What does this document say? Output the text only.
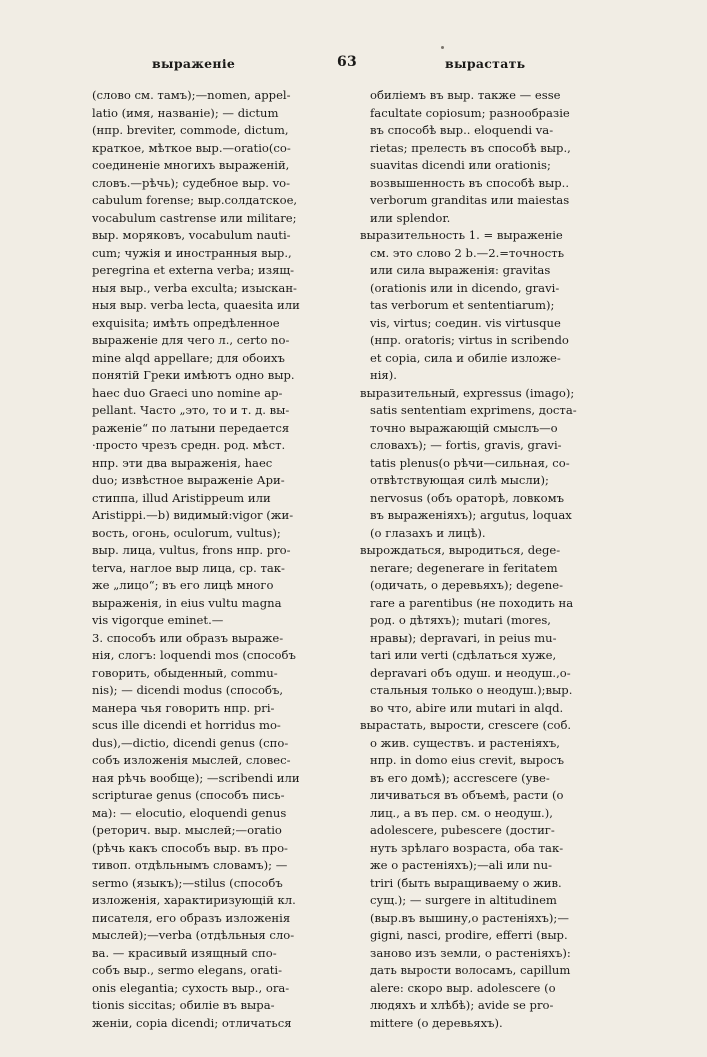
выраженіе	63	вырастать
(слово см. тамъ);—nomen, appel-
latio (имя, названіе); — dictum
(нпр. breviter, commode, dictum,
краткое, мѣткое выр.—oratio(со-
соединеніе многихъ выраженій,
словъ.—рѣчь); судебное выр. vo-
cabulum forense; выр.солдатское,
vocabulum castrense или militare;
выр. моряковъ, vocabulum nauti-
cum; чужія и иностранныя выр.,
peregrina et externa verba; изящ-
ныя выр., verba exculta; изыскан-
ныя выр. verba lecta, quaesita или
exquisita; имѣть опредѣленное
выраженіе для чего л., certo no-
mine alqd appellare; для обоихъ
понятій Греки имѣютъ одно выр.
haec duo Graeci uno nomine ap-
pellant. Часто „это, то и т. д. вы-
раженіе“ по латыни передается
·просто чрезъ средн. род. мѣст.
нпр. эти два выраженія, haec
duo; извѣстное выраженіе Ари-
стиппа, illud Aristippeum или
Aristippi.—b) видимый:vigor (жи-
вость, огонь, oculorum, vultus);
выр. лица, vultus, frons нпр. pro-
terva, наглое выр лица, ср. так-
же „лицо“; въ его лицѣ много
выраженія, in eius vultu magna
vis vigorque eminet.—
3. способъ или образъ выраже-
нія, слогъ: loquendi mos (способъ
говорить, обыденный, commu-
nis); — dicendi modus (способъ,
манера чья говорить нпр. pri-
scus ille dicendi et horridus mo-
dus),—dictio, dicendi genus (спо-
собъ изложенія мыслей, словес-
ная рѣчь вообще); —scribendi или
scripturae genus (способъ пись-
ма): — elocutio, eloquendi genus
(реторич. выр. мыслей;—oratio
(рѣчь какъ способъ выр. въ про-
тивоп. отдѣльнымъ словамъ); —
sermo (языкъ);—stilus (способъ
изложенія, характиризующій кл.
писателя, его образъ изложенія
мыслей);—verba (отдѣльныя сло-
ва. — красивый изящный спо-
собъ выр., sermo elegans, orati-
onis elegantia; сухость выр., ora-
tionis siccitas; обиліе въ выра-
женіи, copia dicendi; отличаться
обиліемъ въ выр. также — esse
facultate copiosum; разнообразіе
въ способѣ выр.. eloquendi va-
rietas; прелесть въ способѣ выр.,
suavitas dicendi или orationis;
возвышенность въ способѣ выр..
verborum granditas или maiestas
или splendor.
выразительность 1. = выраженіе
см. это слово 2 b.—2.=точность
или сила выраженія: gravitas
(orationis или in dicendo, gravi-
tas verborum et sententiarum);
vis, virtus; соедин. vis virtusque
(нпр. oratoris; virtus in scribendo
et copia, сила и обиліе изложе-
нія).
выразительный, expressus (imago);
satis sententiam exprimens, доста-
точно выражающій смыслъ—о
словахъ); — fortis, gravis, gravi-
tatis plenus(о рѣчи—сильная, со-
отвѣтствующая силѣ мысли);
nervosus (объ ораторѣ, ловкомъ
въ выраженіяхъ); argutus, loquax
(о глазахъ и лицѣ).
вырождаться, выродиться, dege-
nerare; degenerare in feritatem
(одичать, о деревьяхъ); degene-
rare a parentibus (не походить на
род. о дѣтяхъ); mutari (mores,
нравы); depravari, in peius mu-
tari или verti (сдѣлаться хуже,
depravari объ одуш. и неодуш.,о-
стальныя только о неодуш.);выр.
во что, abire или mutari in alqd.
вырастать, вырости, crescere (соб.
о жив. существъ. и растеніяхъ,
нпр. in domo eius crevit, выросъ
въ его домѣ); accrescere (уве-
личиваться въ объемѣ, расти (о
лиц., а въ пер. см. о неодуш.),
adolescere, pubescere (достиг-
нуть зрѣлаго возраста, оба так-
же о растеніяхъ);—ali или nu-
triri (быть выращиваему о жив.
сущ.); — surgere in altitudinem
(выр.въ вышину,о растеніяхъ);—
gigni, nasci, prodire, efferri (выр.
заново изъ земли, о растеніяхъ):
дать вырости волосамъ, capillum
alere: скоро выр. adolescere (о
людяхъ и хлѣбѣ); avide se pro-
mittere (о деревьяхъ).
